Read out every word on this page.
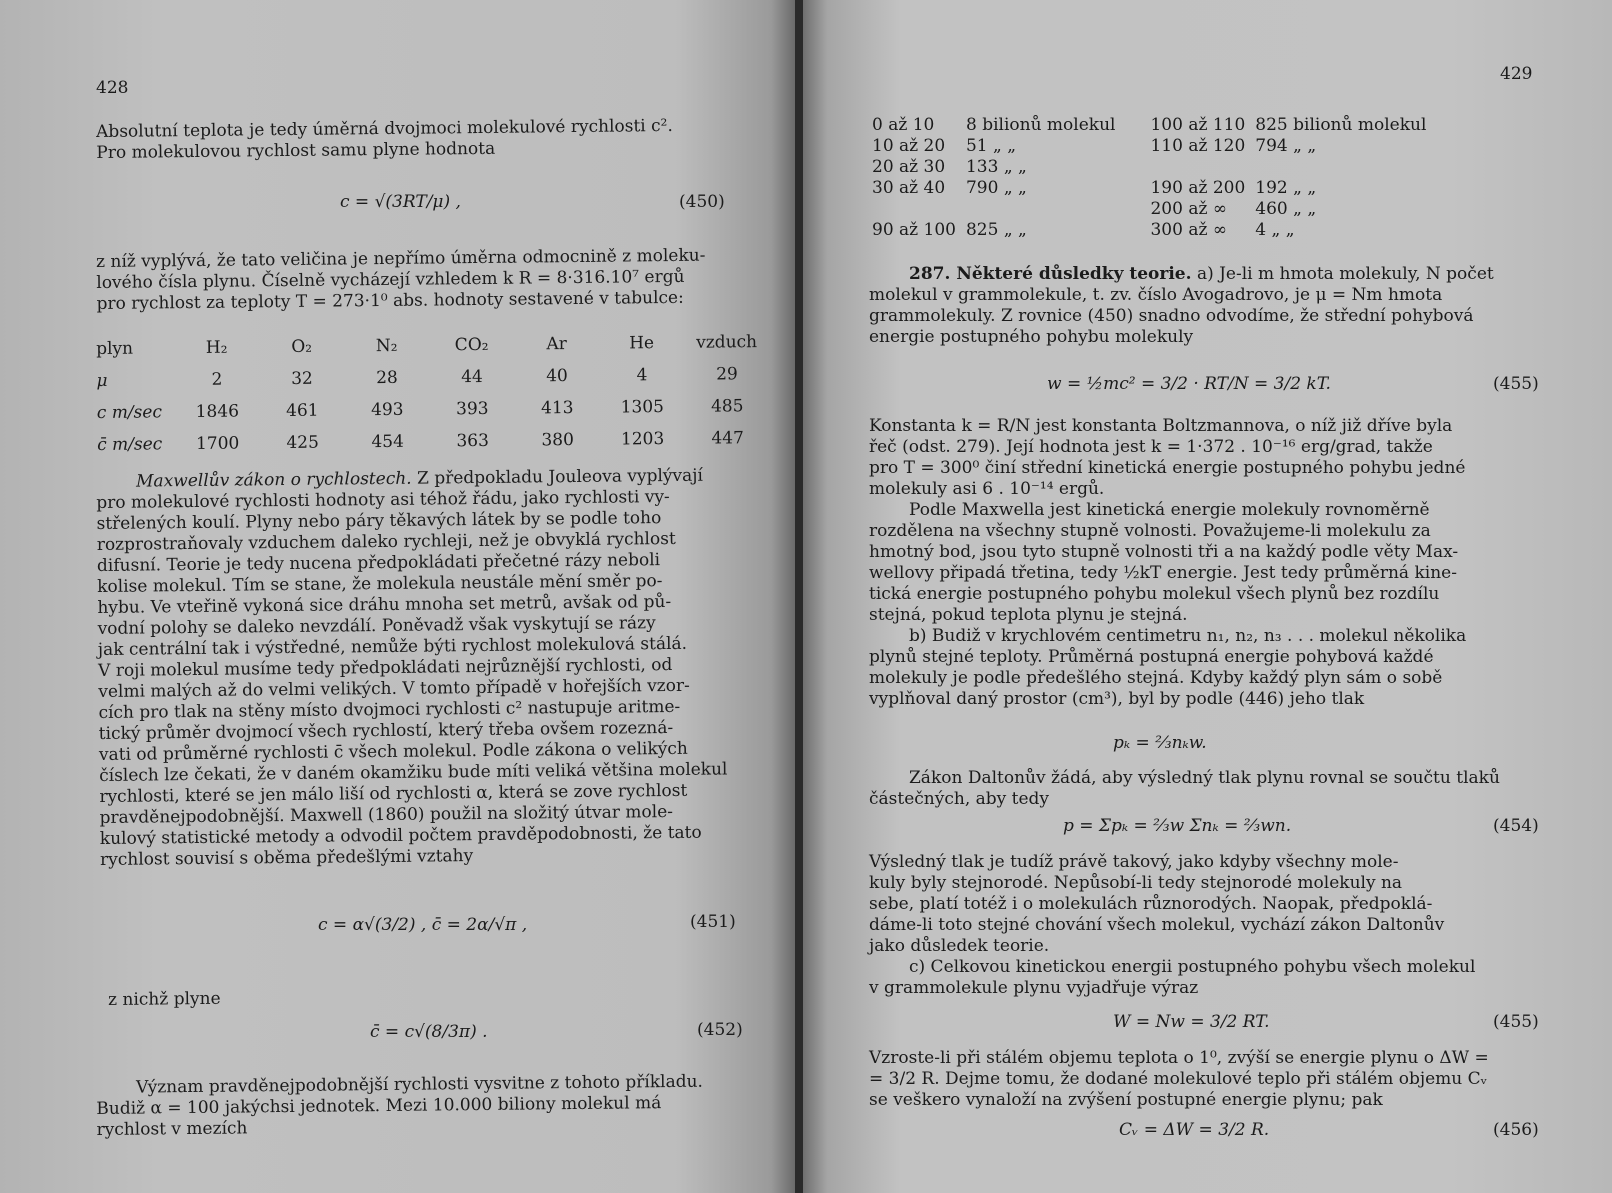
428

Absolutní teplota je tedy úměrná dvojmoci molekulové rychlosti c².

Pro molekulovou rychlost samu plyne hodnota

c = √(3RT/μ) ,	(450)

z níž vyplývá, že tato veličina je nepřímo úměrna odmocnině z moleku-

lového čísla plynu. Číselně vycházejí vzhledem k R = 8·316.10⁷ ergů

pro rychlost za teploty T = 273·1⁰ abs. hodnoty sestavené v tabulce:

plyn	H₂	O₂	N₂	CO₂	Ar	He	vzduch
μ	2	32	28	44	40	4	29
c m/sec	1846	461	493	393	413	1305	485
c̄ m/sec	1700	425	454	363	380	1203	447

Maxwellův zákon o rychlostech. Z předpokladu Jouleova vyplývají

pro molekulové rychlosti hodnoty asi téhož řádu, jako rychlosti vy-

střelených koulí. Plyny nebo páry těkavých látek by se podle toho

rozprostraňovaly vzduchem daleko rychleji, než je obvyklá rychlost

difusní. Teorie je tedy nucena předpokládati přečetné rázy neboli

kolise molekul. Tím se stane, že molekula neustále mění směr po-

hybu. Ve vteřině vykoná sice dráhu mnoha set metrů, avšak od pů-

vodní polohy se daleko nevzdálí. Poněvadž však vyskytují se rázy

jak centrální tak i výstředné, nemůže býti rychlost molekulová stálá.

V roji molekul musíme tedy předpokládati nejrůznější rychlosti, od

velmi malých až do velmi velikých. V tomto případě v hořejších vzor-

cích pro tlak na stěny místo dvojmoci rychlosti c² nastupuje aritme-

tický průměr dvojmocí všech rychlostí, který třeba ovšem rozezná-

vati od průměrné rychlosti c̄ všech molekul. Podle zákona o velikých

číslech lze čekati, že v daném okamžiku bude míti veliká většina molekul

rychlosti, které se jen málo liší od rychlosti α, která se zove rychlost

pravděnejpodobnější. Maxwell (1860) použil na složitý útvar mole-

kulový statistické metody a odvodil počtem pravděpodobnosti, že tato

rychlost souvisí s oběma předešlými vztahy

c = α√(3/2) , c̄ = 2α/√π ,	(451)

z nichž plyne

c̄ = c√(8/3π) .	(452)

Význam pravděnejpodobnější rychlosti vysvitne z tohoto příkladu.

Budiž α = 100 jakýchsi jednotek. Mezi 10.000 biliony molekul má

rychlost v mezích

429
0 až 10	8 bilionů molekul	100 až 110	825 bilionů molekul
10 až 20	51 „ „	110 až 120	794 „ „
20 až 30	133 „ „		
30 až 40	790 „ „	190 až 200	192 „ „
		200 až ∞	460 „ „
90 až 100	825 „ „	300 až ∞	4 „ „

287. Některé důsledky teorie. a) Je-li m hmota molekuly, N počet

molekul v grammolekule, t. zv. číslo Avogadrovo, je μ = Nm hmota

grammolekuly. Z rovnice (450) snadno odvodíme, že střední pohybová

energie postupného pohybu molekuly

w = ½mc² = 3/2 · RT/N = 3/2 kT.	(455)

Konstanta k = R/N jest konstanta Boltzmannova, o níž již dříve byla

řeč (odst. 279). Její hodnota jest k = 1·372 . 10⁻¹⁶ erg/grad, takže

pro T = 300⁰ činí střední kinetická energie postupného pohybu jedné

molekuly asi 6 . 10⁻¹⁴ ergů.

Podle Maxwella jest kinetická energie molekuly rovnoměrně

rozdělena na všechny stupně volnosti. Považujeme-li molekulu za

hmotný bod, jsou tyto stupně volnosti tři a na každý podle věty Max-

wellovy připadá třetina, tedy ½kT energie. Jest tedy průměrná kine-

tická energie postupného pohybu molekul všech plynů bez rozdílu

stejná, pokud teplota plynu je stejná.

b) Budiž v krychlovém centimetru n₁, n₂, n₃ . . . molekul několika

plynů stejné teploty. Průměrná postupná energie pohybová každé

molekuly je podle předešlého stejná. Kdyby každý plyn sám o sobě

vyplňoval daný prostor (cm³), byl by podle (446) jeho tlak

pₖ = ⅔nₖw.

Zákon Daltonův žádá, aby výsledný tlak plynu rovnal se součtu tlaků

částečných, aby tedy

p = Σpₖ = ⅔w Σnₖ = ⅔wn.	(454)

Výsledný tlak je tudíž právě takový, jako kdyby všechny mole-

kuly byly stejnorodé. Nepůsobí-li tedy stejnorodé molekuly na

sebe, platí totéž i o molekulách různorodých. Naopak, předpoklá-

dáme-li toto stejné chování všech molekul, vychází zákon Daltonův

jako důsledek teorie.

c) Celkovou kinetickou energii postupného pohybu všech molekul

v grammolekule plynu vyjadřuje výraz

W = Nw = 3/2 RT.	(455)

Vzroste-li při stálém objemu teplota o 1⁰, zvýší se energie plynu o ΔW =

= 3/2 R. Dejme tomu, že dodané molekulové teplo při stálém objemu Cᵥ

se veškero vynaloží na zvýšení postupné energie plynu; pak

Cᵥ = ΔW = 3/2 R.	(456)
